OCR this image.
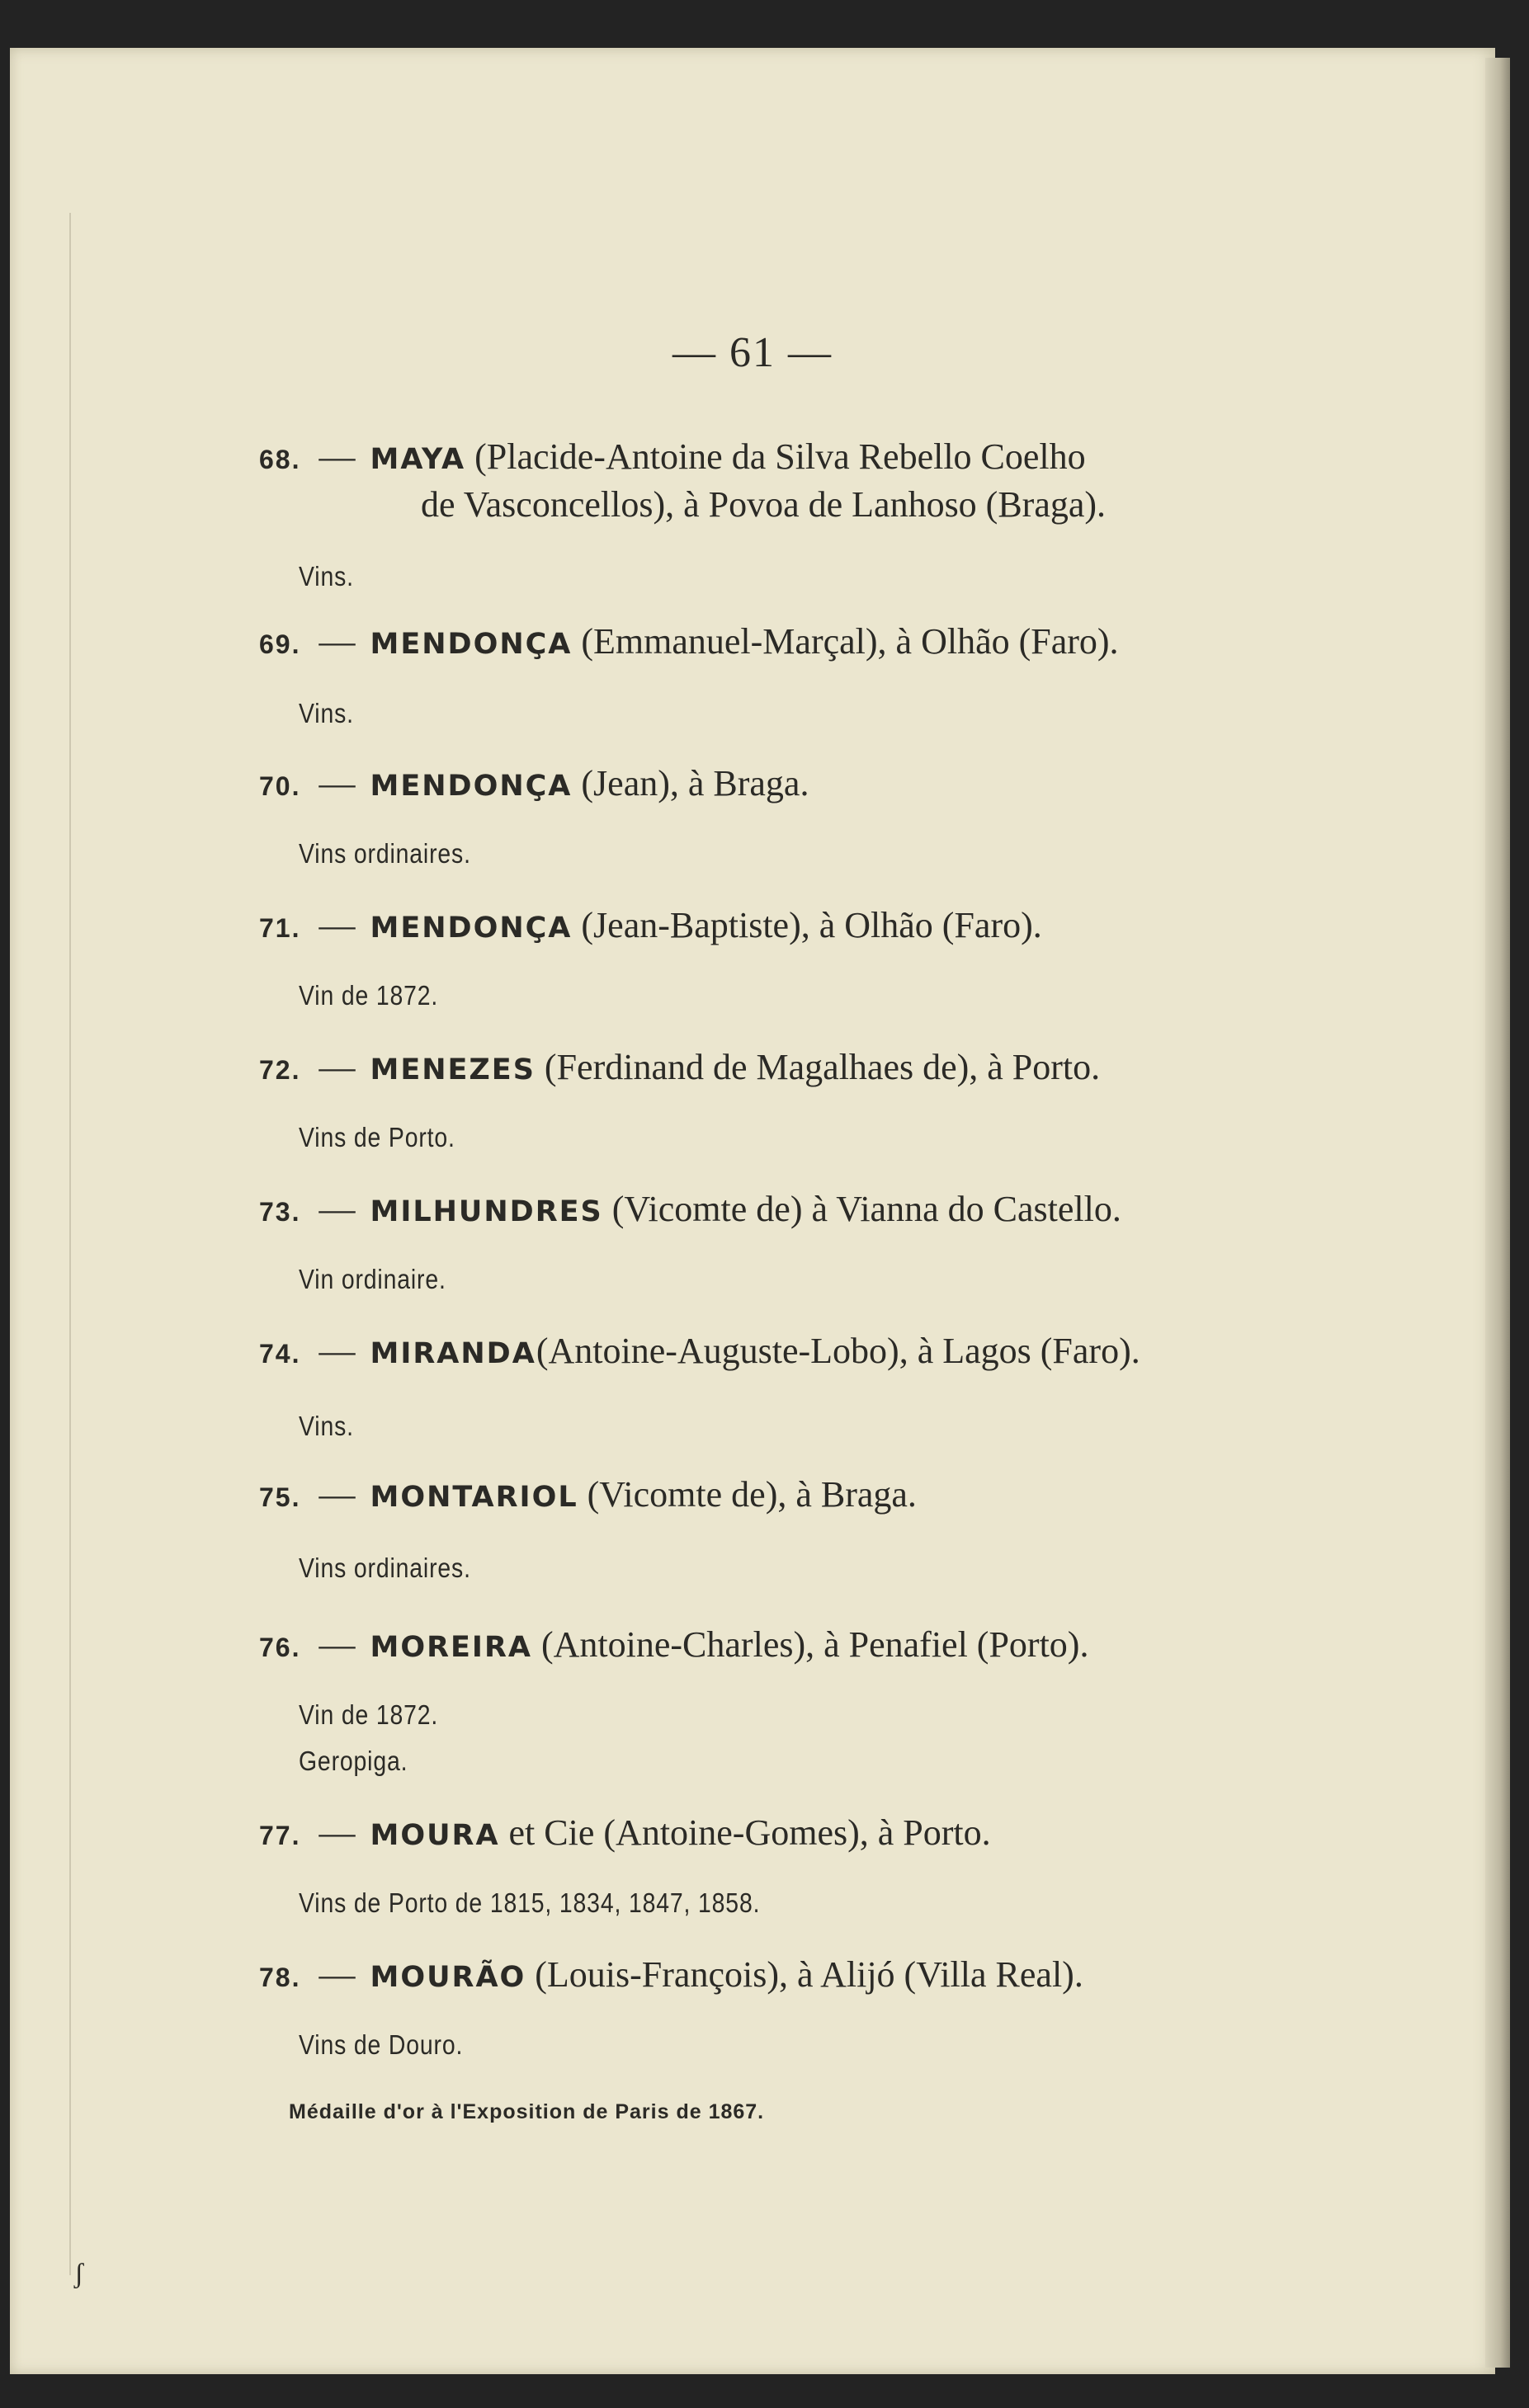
— 61 —
68. — MAYA (Placide-Antoine da Silva Rebello Coelho
de Vasconcellos), à Povoa de Lanhoso (Braga).
Vins.
69. — MENDONÇA (Emmanuel-Marçal), à Olhão (Faro).
Vins.
70. — MENDONÇA (Jean), à Braga.
Vins ordinaires.
71. — MENDONÇA (Jean-Baptiste), à Olhão (Faro).
Vin de 1872.
72. — MENEZES (Ferdinand de Magalhaes de), à Porto.
Vins de Porto.
73. — MILHUNDRES (Vicomte de) à Vianna do Castello.
Vin ordinaire.
74. — MIRANDA(Antoine-Auguste-Lobo), à Lagos (Faro).
Vins.
75. — MONTARIOL (Vicomte de), à Braga.
Vins ordinaires.
76. — MOREIRA (Antoine-Charles), à Penafiel (Porto).
Vin de 1872.
Geropiga.
77. — MOURA et Cie (Antoine-Gomes), à Porto.
Vins de Porto de 1815, 1834, 1847, 1858.
78. — MOURÃO (Louis-François), à Alijó (Villa Real).
Vins de Douro.
Médaille d'or à l'Exposition de Paris de 1867.
ʃ
